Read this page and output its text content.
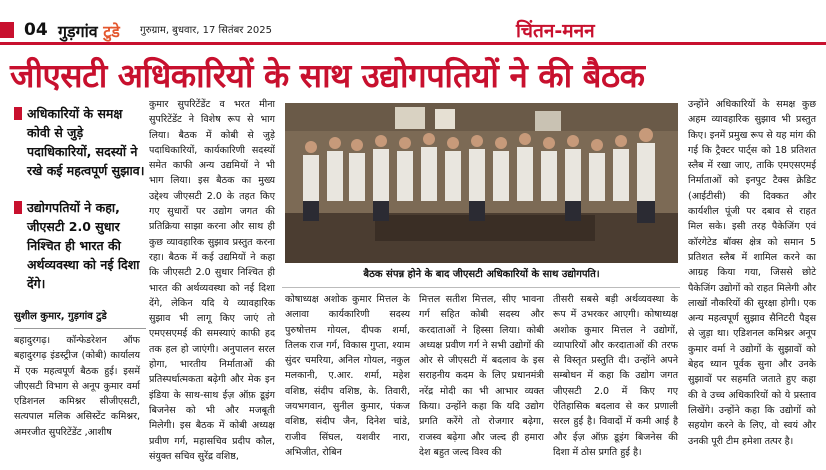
04 गुड़गांव टुडे गुरुग्राम, बुधवार, 17 सितंबर 2025	चिंतन-मनन
जीएसटी अधिकारियों के साथ उद्योगपतियों ने की बैठक
अधिकारियों के समक्ष कोवी से जुड़े पदाधिकारियों, सदस्यों ने रखे कई महत्वपूर्ण सुझाव।
उद्योगपतियों ने कहा, जीएसटी 2.0 सुधार निश्चित ही भारत की अर्थव्यवस्था को नई दिशा देंगे।
सुशील कुमार, गुड़गांव टुडे
बहादुरगढ़। कॉन्फेडरेशन ऑफ बहादुरगढ़ इंडस्ट्रीज (कोबी) कार्यालय में एक महत्वपूर्ण बैठक हुई। इसमें जीएसटी विभाग से अनूप कुमार वर्मा एडिशनल कमिश्नर सीजीएसटी, सत्यपाल मलिक असिस्टेंट कमिश्नर, अमरजीत सुपरिटेंडेंट ,आशीष
कुमार सुपरिटेंडेंट व भरत मीना सुपरिटेंडेंट ने विशेष रूप से भाग लिया। बैठक में कोबी से जुड़े पदाधिकारियों, कार्यकारिणी सदस्यों समेत काफी अन्य उद्यमियों ने भी भाग लिया। इस बैठक का मुख्य उद्देश्य जीएसटी 2.0 के तहत किए गए सुधारों पर उद्योग जगत की प्रतिक्रिया साझा करना और साथ ही कुछ व्यावहारिक सुझाव प्रस्तुत करना रहा। बैठक में कई उद्यमियों ने कहा कि जीएसटी 2.0 सुधार निश्चित ही भारत की अर्थव्यवस्था को नई दिशा देंगे, लेकिन यदि ये व्यावहारिक सुझाव भी लागू किए जाएं तो एमएसएमई की समस्याएं काफी हद तक हल हो जाएंगी। अनुपालन सरल होगा, भारतीय निर्माताओं की प्रतिस्पर्धात्मकता बढ़ेगी और मेक इन इंडिया के साथ-साथ ईज़ ऑफ़ डूइंग बिजनेस को भी और मजबूती मिलेगी। इस बैठक में कोबी अध्यक्ष प्रवीण गर्ग, महासचिव प्रदीप कौल, संयुक्त सचिव सुरेंद्र वशिष्ठ,
बैठक संपन्न होने के बाद जीएसटी अधिकारियों के साथ उद्योगपति।
कोषाध्यक्ष अशोक कुमार मित्तल के अलावा कार्यकारिणी सदस्य पुरुषोत्तम गोयल, दीपक शर्मा, तिलक राज गर्ग, विकास गुप्ता, श्याम सुंदर चमरिया, अनिल गोयल, नकुल मलकानी, ए.आर. शर्मा, महेश वशिष्ठ, संदीप वशिष्ठ, के. तिवारी, जयभगवान, सुनील कुमार, पंकज वशिष्ठ, संदीप जैन, दिनेश चांडे, राजीव सिंघल, यशवीर नारा, अभिजीत, रोबिन
मित्तल सतीश मित्तल, सीए भावना गर्ग सहित कोबी सदस्य और करदाताओं ने हिस्सा लिया। कोबी अध्यक्ष प्रवीण गर्ग ने सभी उद्योगों की ओर से जीएसटी में बदलाव के इस सराहनीय कदम के लिए प्रधानमंत्री नरेंद्र मोदी का भी आभार व्यक्त किया। उन्होंने कहा कि यदि उद्योग प्रगति करेंगे तो रोजगार बढ़ेगा, राजस्व बढ़ेगा और जल्द ही हमारा देश बहुत जल्द विश्व की
तीसरी सबसे बड़ी अर्थव्यवस्था के रूप में उभरकर आएगी। कोषाध्यक्ष अशोक कुमार मित्तल ने उद्योगों, व्यापारियों और करदाताओं की तरफ से विस्तृत प्रस्तुति दी। उन्होंने अपने सम्बोधन में कहा कि उद्योग जगत जीएसटी 2.0 में किए गए ऐतिहासिक बदलाव से कर प्रणाली सरल हुई है। विवादों में कमी आई है और ईज़ ऑफ़ डूइंग बिजनेस की दिशा में ठोस प्रगति हुई है।
उन्होंने अधिकारियों के समक्ष कुछ अहम व्यावहारिक सुझाव भी प्रस्तुत किए। इनमें प्रमुख रूप से यह मांग की गई कि ट्रैक्टर पार्ट्स को 18 प्रतिशत स्लैब में रखा जाए, ताकि एमएसएमई निर्माताओं को इनपुट टैक्स क्रेडिट (आईटीसी) की दिक्कत और कार्यशील पूंजी पर दबाव से राहत मिल सके। इसी तरह पैकेजिंग एवं कॉरगेटेड बॉक्स क्षेत्र को समान 5 प्रतिशत स्लैब में शामिल करने का आग्रह किया गया, जिससे छोटे पैकेजिंग उद्योगों को राहत मिलेगी और लाखों नौकरियों की सुरक्षा होगी। एक अन्य महत्वपूर्ण सुझाव सैनिटरी पैड्स से जुड़ा था। एडिशनल कमिश्नर अनूप कुमार वर्मा ने उद्योगों के सुझावों को बेहद ध्यान पूर्वक सुना और उनके सुझावों पर सहमति जताते हुए कहा की वे उच्च अधिकारियों को ये प्रस्ताव लिखेंगे। उन्होंने कहा कि उद्योगों को सहयोग करने के लिए, वो स्वयं और उनकी पूरी टीम हमेशा तत्पर है।
